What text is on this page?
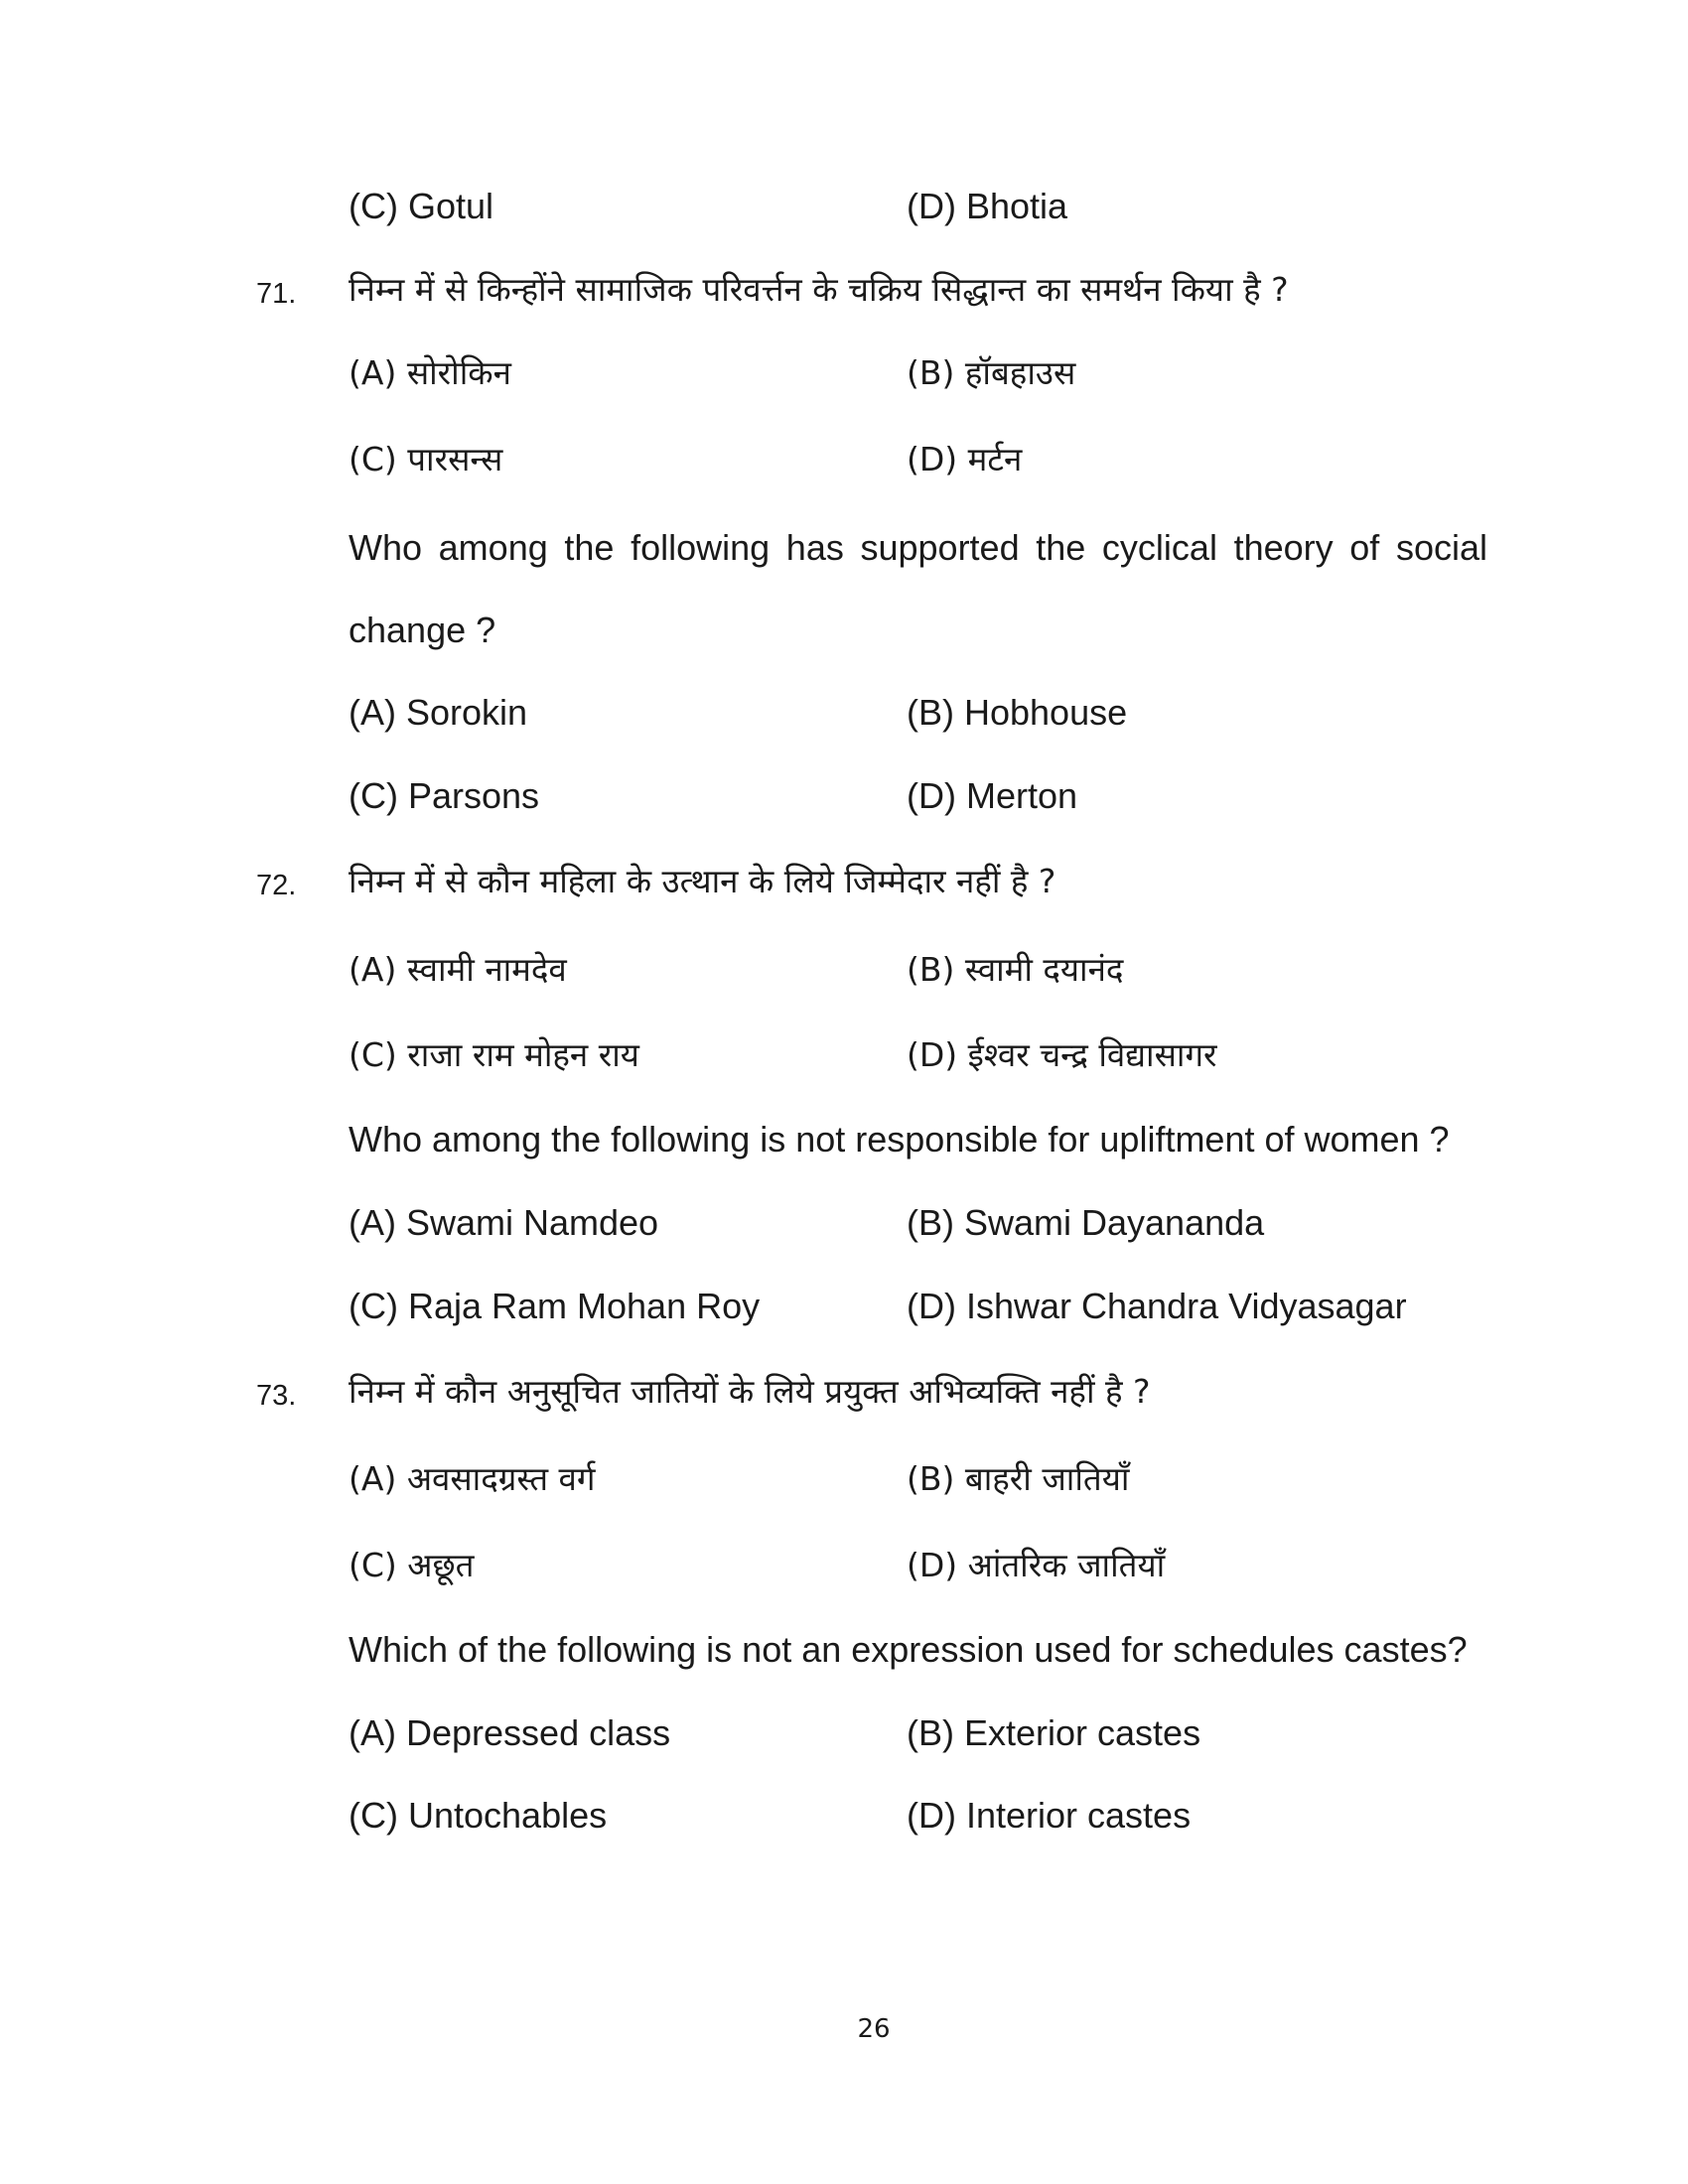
(C) Gotul	(D) Bhotia
71. निम्न में से किन्होंने सामाजिक परिवर्त्तन के चक्रिय सिद्धान्त का समर्थन किया है ?
(A) सोरोकिन	(B) हॉबहाउस
(C) पारसन्स	(D) मर्टन
Who among the following has supported the cyclical theory of social
change ?
(A) Sorokin	(B) Hobhouse
(C) Parsons	(D) Merton
72. निम्न में से कौन महिला के उत्थान के लिये जिम्मेदार नहीं है ?
(A) स्वामी नामदेव	(B) स्वामी दयानंद
(C) राजा राम मोहन राय	(D) ईश्वर चन्द्र विद्यासागर
Who among the following is not responsible for upliftment of women ?
(A) Swami Namdeo	(B) Swami Dayananda
(C) Raja Ram Mohan Roy	(D) Ishwar Chandra Vidyasagar
73. निम्न में कौन अनुसूचित जातियों के लिये प्रयुक्त अभिव्यक्ति नहीं है ?
(A) अवसादग्रस्त वर्ग	(B) बाहरी जातियाँ
(C) अछूत	(D) आंतरिक जातियाँ
Which of the following is not an expression used for schedules castes?
(A) Depressed class	(B) Exterior castes
(C) Untochables	(D) Interior castes
26
